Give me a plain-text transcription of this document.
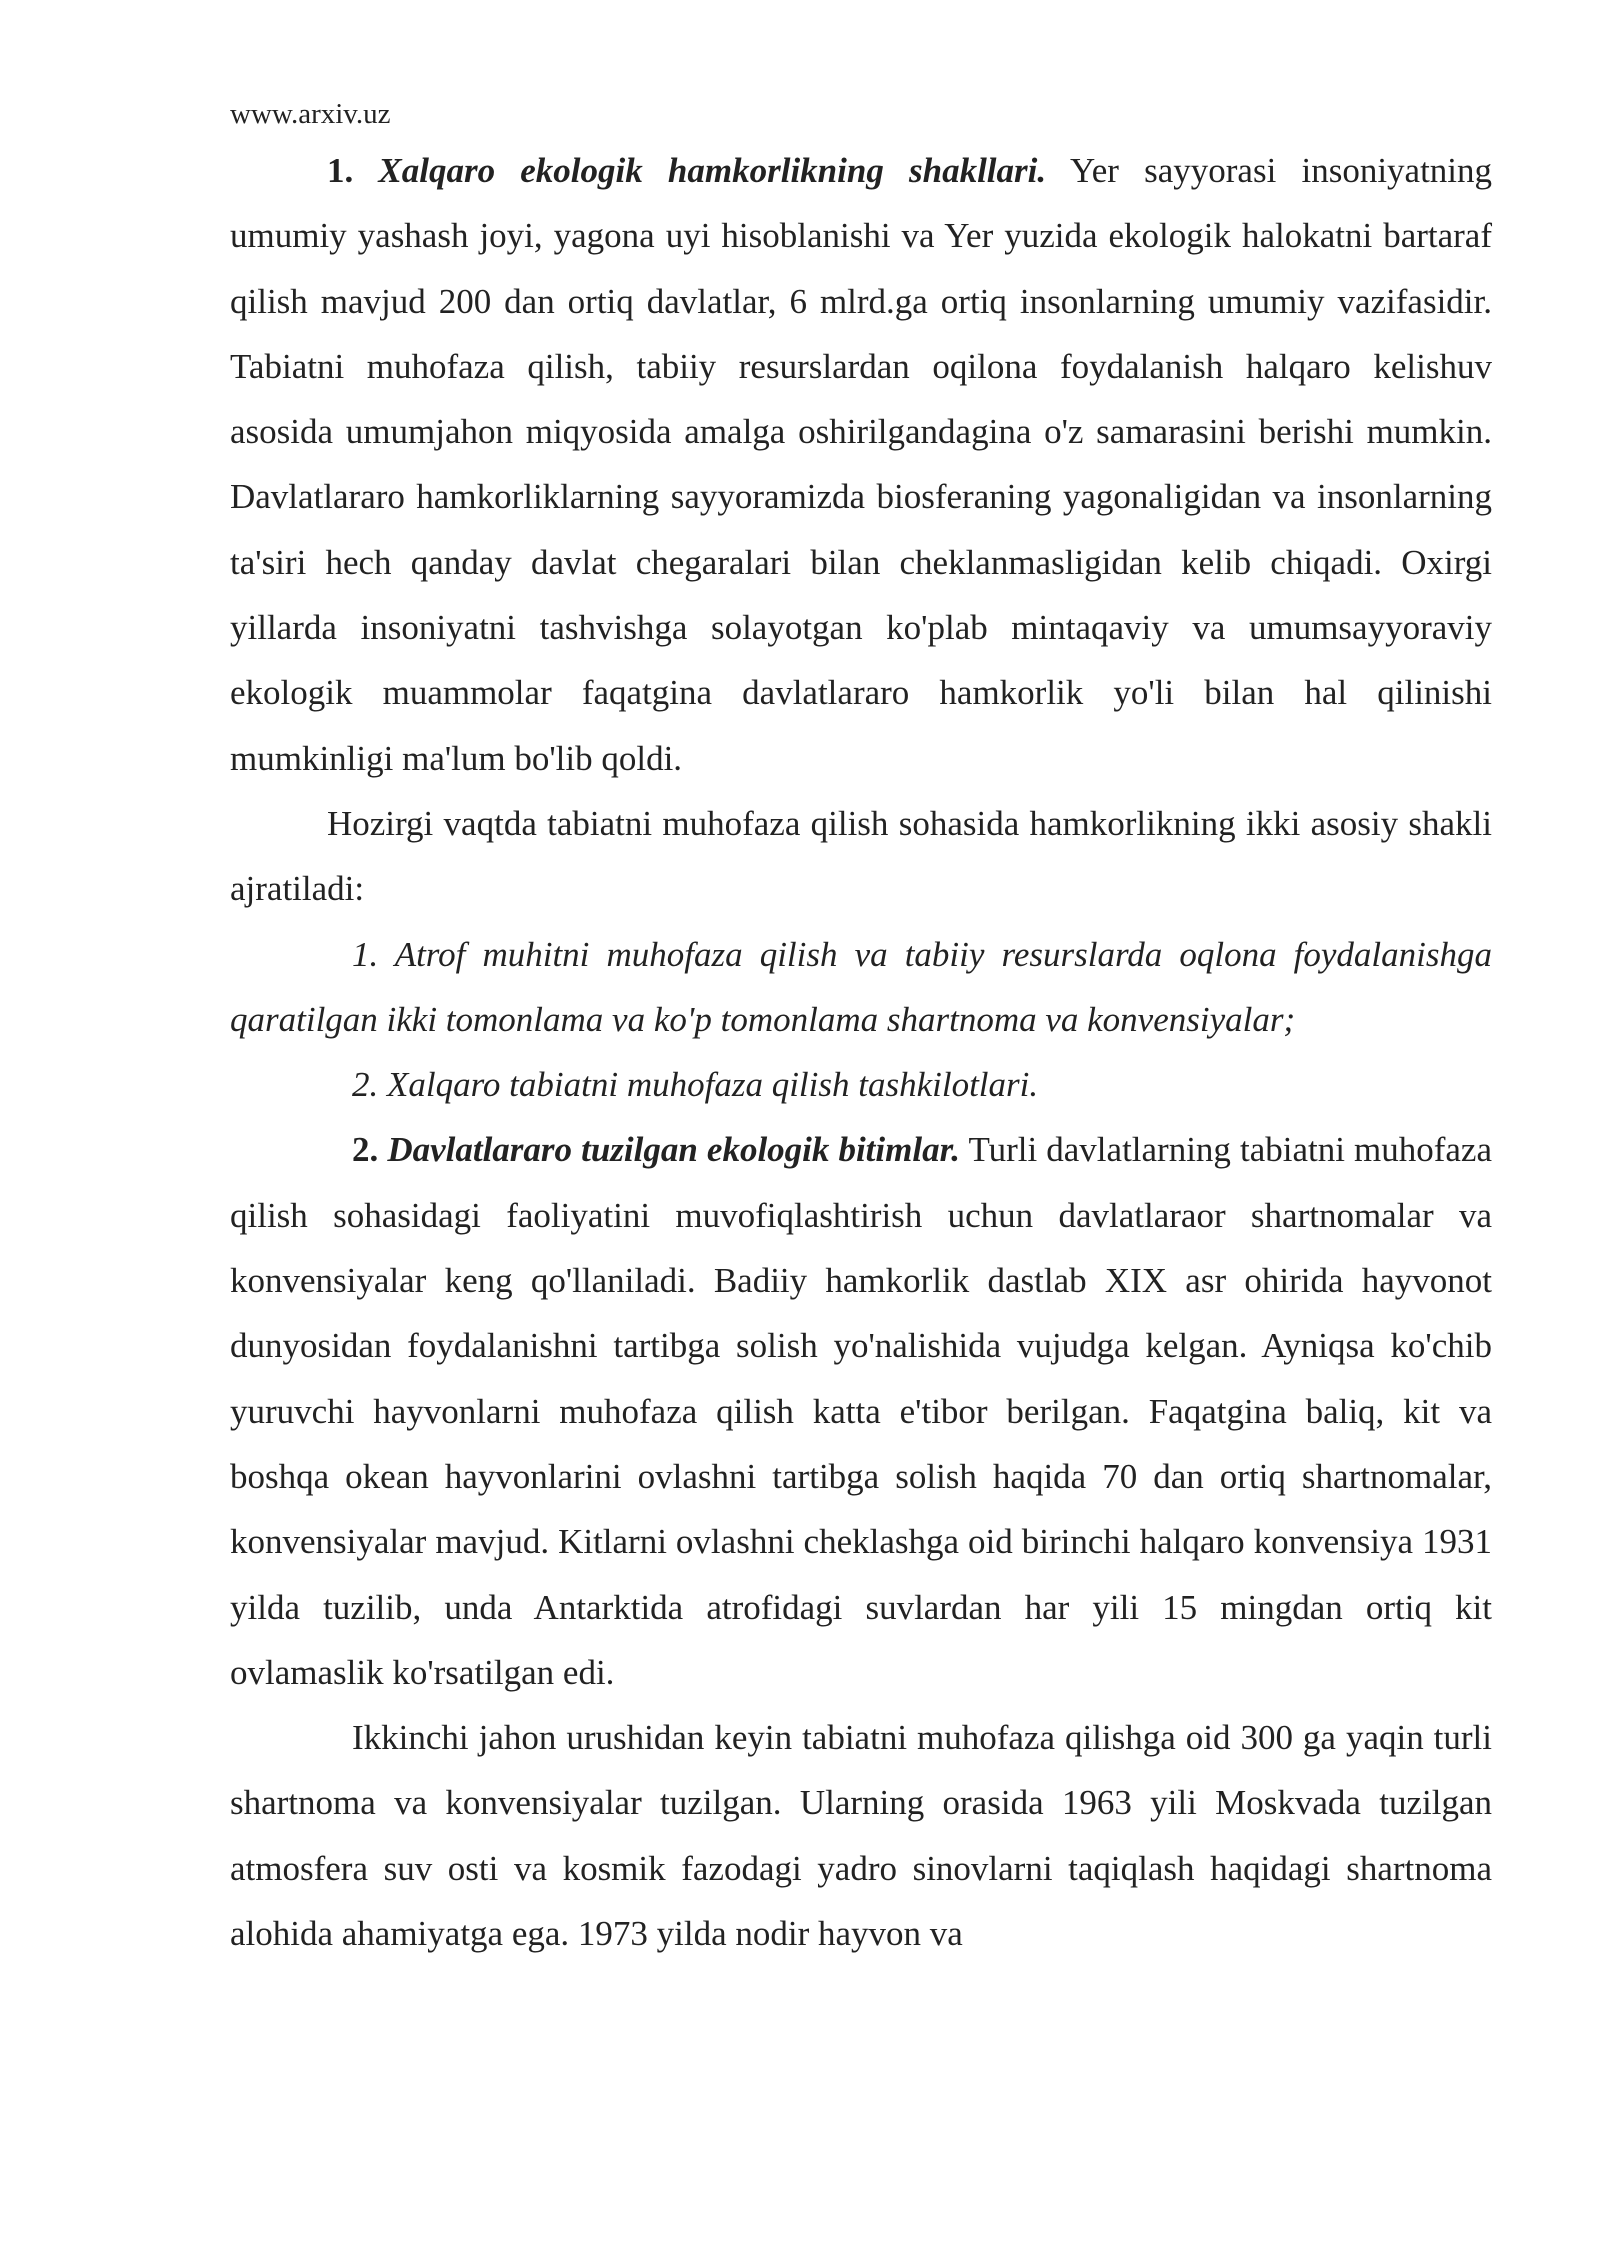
www.arxiv.uz

1. Xalqaro ekologik hamkorlikning shakllari. Yer sayyorasi insoniyatning umumiy yashash joyi, yagona uyi hisoblanishi va Yer yuzida ekologik halokatni bartaraf qilish mavjud 200 dan ortiq davlatlar, 6 mlrd.ga ortiq insonlarning umumiy vazifasidir. Tabiatni muhofaza qilish, tabiiy resurslardan oqilona foydalanish halqaro kelishuv asosida umumjahon miqyosida amalga oshirilgandagina o'z samarasini berishi mumkin. Davlatlararo hamkorliklarning sayyoramizda biosferaning yagonaligidan va insonlarning ta'siri hech qanday davlat chegaralari bilan cheklanmasligidan kelib chiqadi. Oxirgi yillarda insoniyatni tashvishga solayotgan ko'plab mintaqaviy va umumsayyoraviy ekologik muammolar faqatgina davlatlararo hamkorlik yo'li bilan hal qilinishi mumkinligi ma'lum bo'lib qoldi.

Hozirgi vaqtda tabiatni muhofaza qilish sohasida hamkorlikning ikki asosiy shakli ajratiladi:

1. Atrof muhitni muhofaza qilish va tabiiy resurslarda oqlona foydalanishga qaratilgan ikki tomonlama va ko'p tomonlama shartnoma va konvensiyalar;

2. Xalqaro tabiatni muhofaza qilish tashkilotlari.

2. Davlatlararo tuzilgan ekologik bitimlar. Turli davlatlarning tabiatni muhofaza qilish sohasidagi faoliyatini muvofiqlashtirish uchun davlatlaraor shartnomalar va konvensiyalar keng qo'llaniladi. Badiiy hamkorlik dastlab XIX asr ohirida hayvonot dunyosidan foydalanishni tartibga solish yo'nalishida vujudga kelgan. Ayniqsa ko'chib yuruvchi hayvonlarni muhofaza qilish katta e'tibor berilgan. Faqatgina baliq, kit va boshqa okean hayvonlarini ovlashni tartibga solish haqida 70 dan ortiq shartnomalar, konvensiyalar mavjud. Kitlarni ovlashni cheklashga oid birinchi halqaro konvensiya 1931 yilda tuzilib, unda Antarktida atrofidagi suvlardan har yili 15 mingdan ortiq kit ovlamaslik ko'rsatilgan edi.

Ikkinchi jahon urushidan keyin tabiatni muhofaza qilishga oid 300 ga yaqin turli shartnoma va konvensiyalar tuzilgan. Ularning orasida 1963 yili Moskvada tuzilgan atmosfera suv osti va kosmik fazodagi yadro sinovlarni taqiqlash haqidagi shartnoma alohida ahamiyatga ega. 1973 yilda nodir hayvon va
